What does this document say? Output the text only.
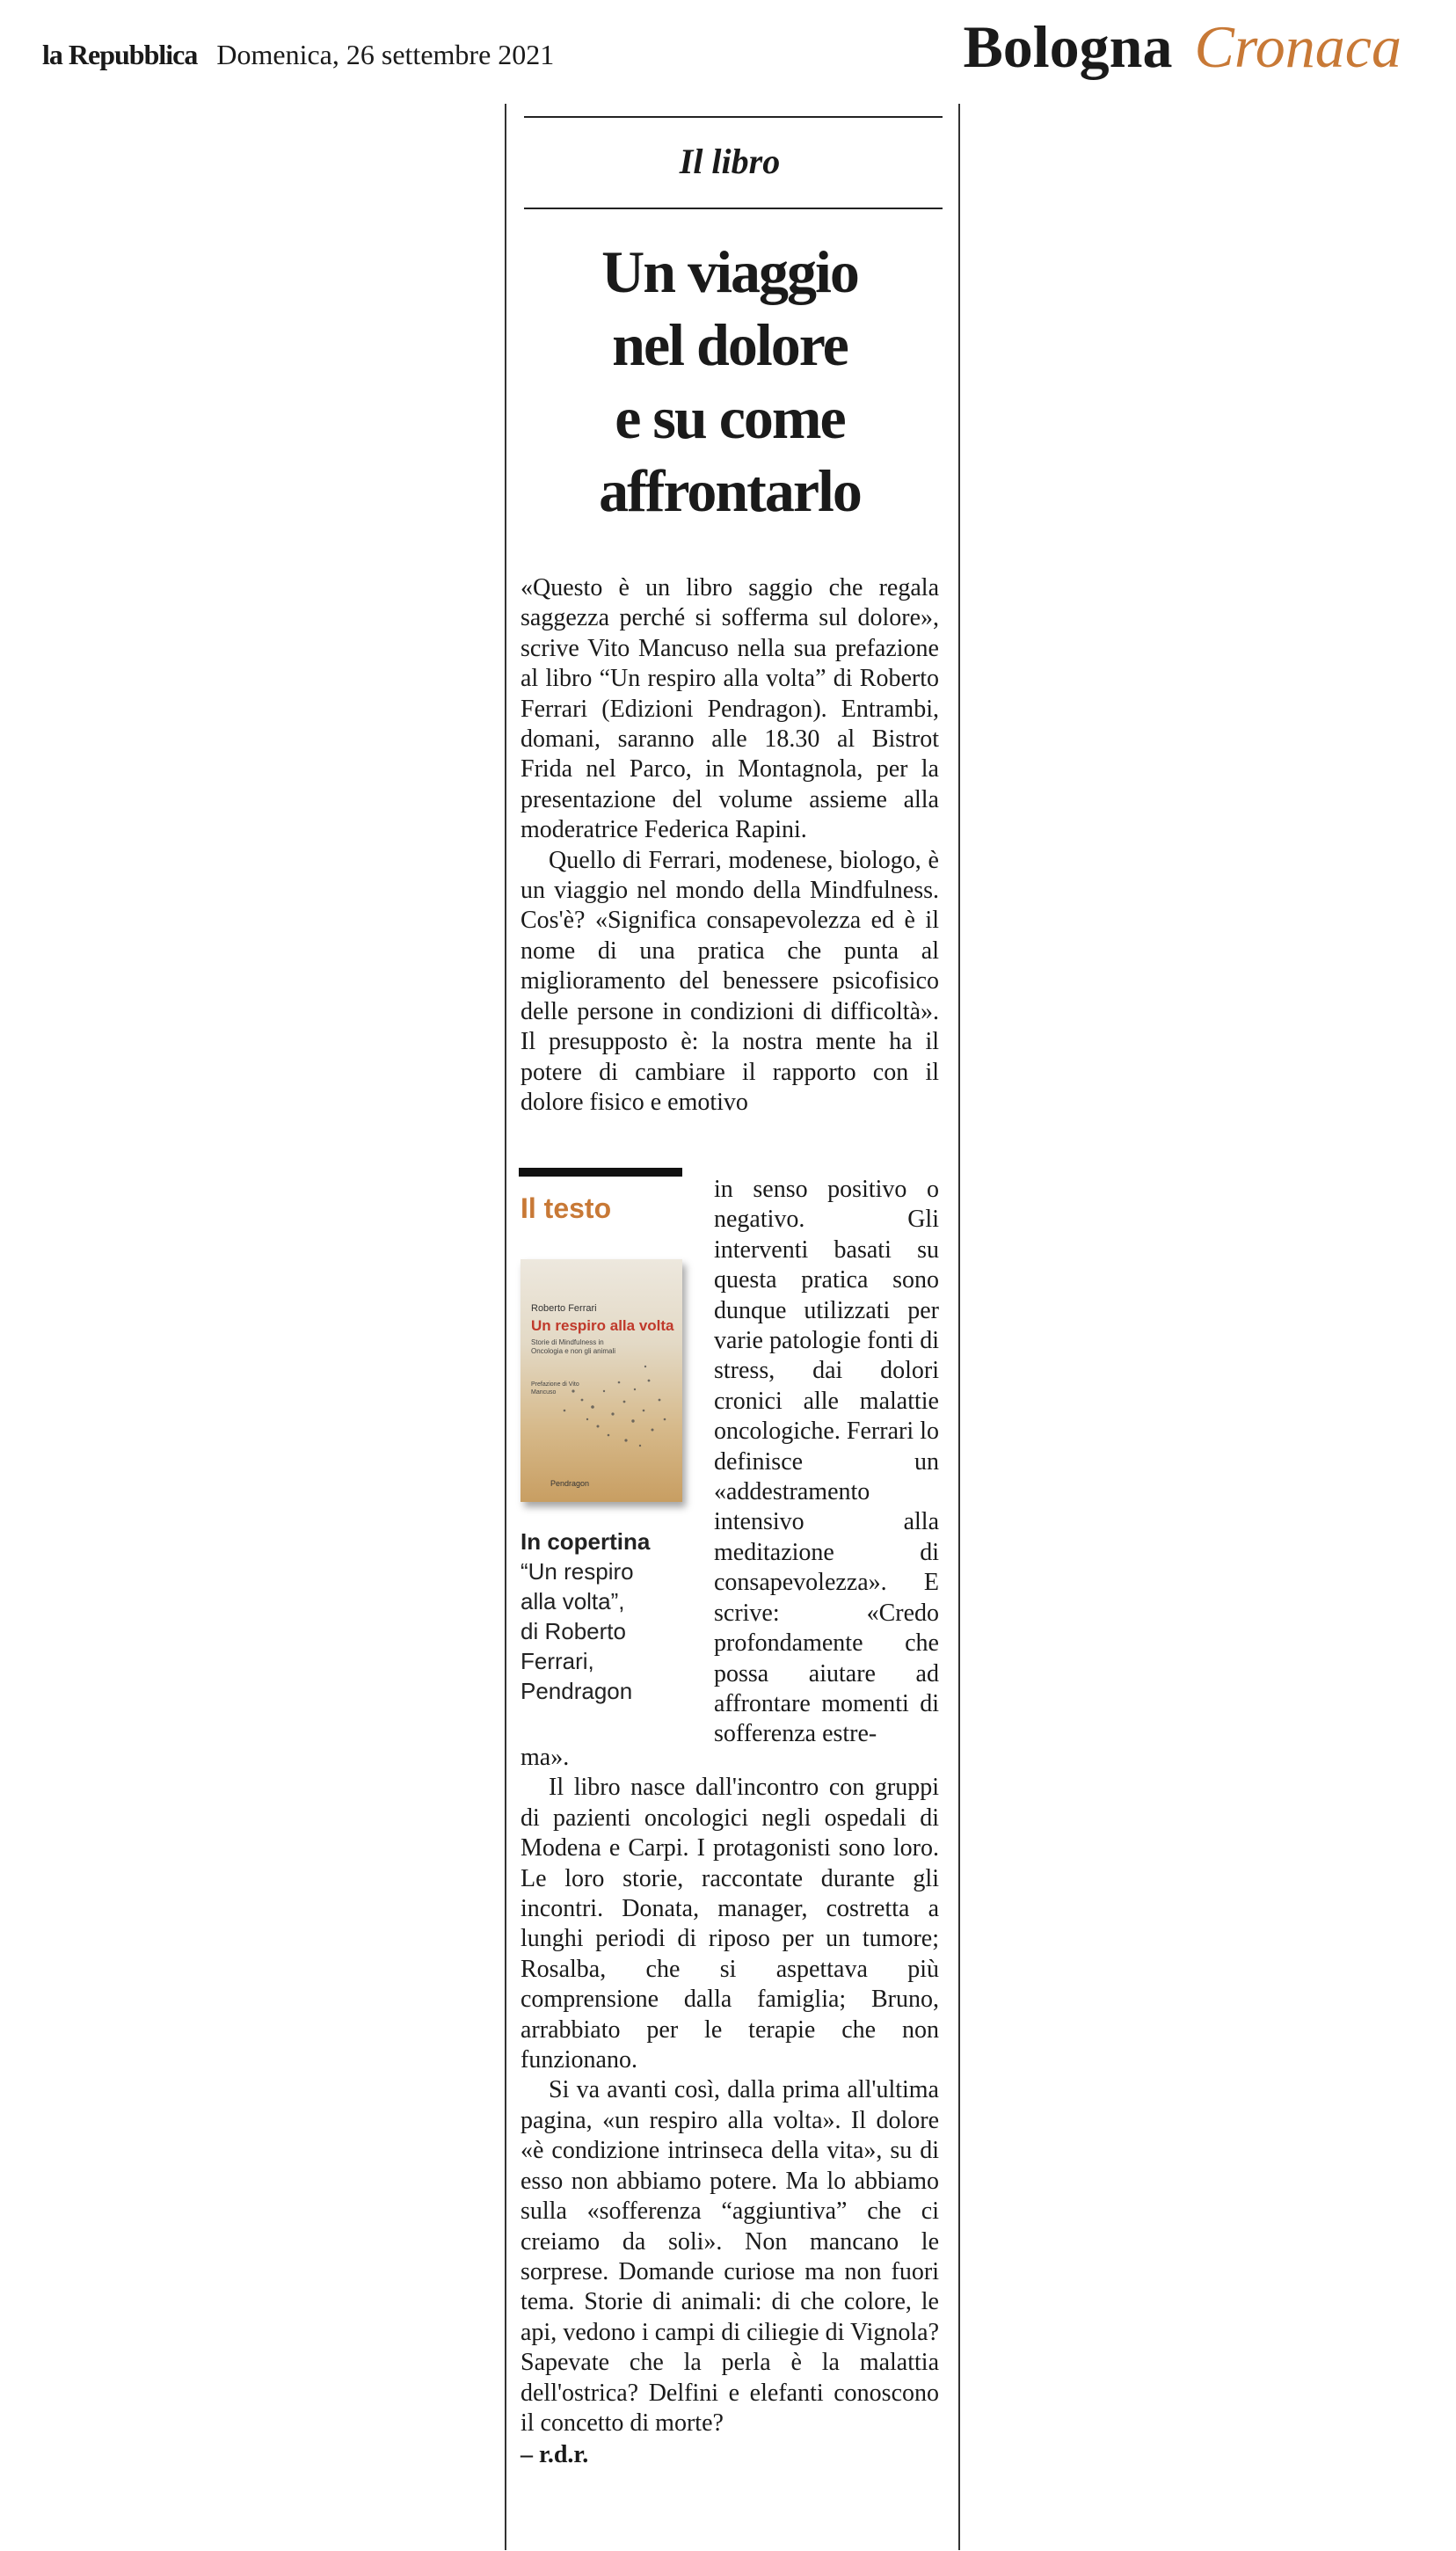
la Repubblica Domenica, 26 settembre 2021	Bologna Cronaca
Il libro
Un viaggio
nel dolore
e su come
affrontarlo

«Questo è un libro saggio che regala saggezza perché si sofferma sul dolore», scrive Vito Mancuso nella sua prefazione al libro “Un respiro alla volta” di Roberto Ferrari (Edizioni Pendragon). Entrambi, domani, saranno alle 18.30 al Bistrot Frida nel Parco, in Montagnola, per la presentazione del volume assieme alla moderatrice Federica Rapini.

Quello di Ferrari, modenese, biologo, è un viaggio nel mondo della Mindfulness. Cos'è? «Significa consapevolezza ed è il nome di una pratica che punta al miglioramento del benessere psicofisico delle persone in condizioni di difficoltà». Il presupposto è: la nostra mente ha il potere di cambiare il rapporto con il dolore fisico e emotivo

Il testo
Roberto Ferrari
Un respiro alla volta
Storie di Mindfulness in Oncologia e non gli animali
Prefazione di Vito Mancuso
Pendragon
In copertina
“Un respiro
alla volta”,
di Roberto
Ferrari,
Pendragon

in senso positivo o negativo. Gli interventi basati su questa pratica sono dunque utilizzati per varie patologie fonti di stress, dai dolori cronici alle malattie oncologiche. Ferrari lo definisce un «addestramento intensivo alla meditazione di consapevolezza». E scrive: «Credo profondamente che possa aiutare ad affrontare momenti di sofferenza estre-

ma».

Il libro nasce dall'incontro con gruppi di pazienti oncologici negli ospedali di Modena e Carpi. I protagonisti sono loro. Le loro storie, raccontate durante gli incontri. Donata, manager, costretta a lunghi periodi di riposo per un tumore; Rosalba, che si aspettava più comprensione dalla famiglia; Bruno, arrabbiato per le terapie che non funzionano.

Si va avanti così, dalla prima all'ultima pagina, «un respiro alla volta». Il dolore «è condizione intrinseca della vita», su di esso non abbiamo potere. Ma lo abbiamo sulla «sofferenza “aggiuntiva” che ci creiamo da soli». Non mancano le sorprese. Domande curiose ma non fuori tema. Storie di animali: di che colore, le api, vedono i campi di ciliegie di Vignola? Sapevate che la perla è la malattia dell'ostrica? Delfini e elefanti conoscono il concetto di morte?

– r.d.r.
